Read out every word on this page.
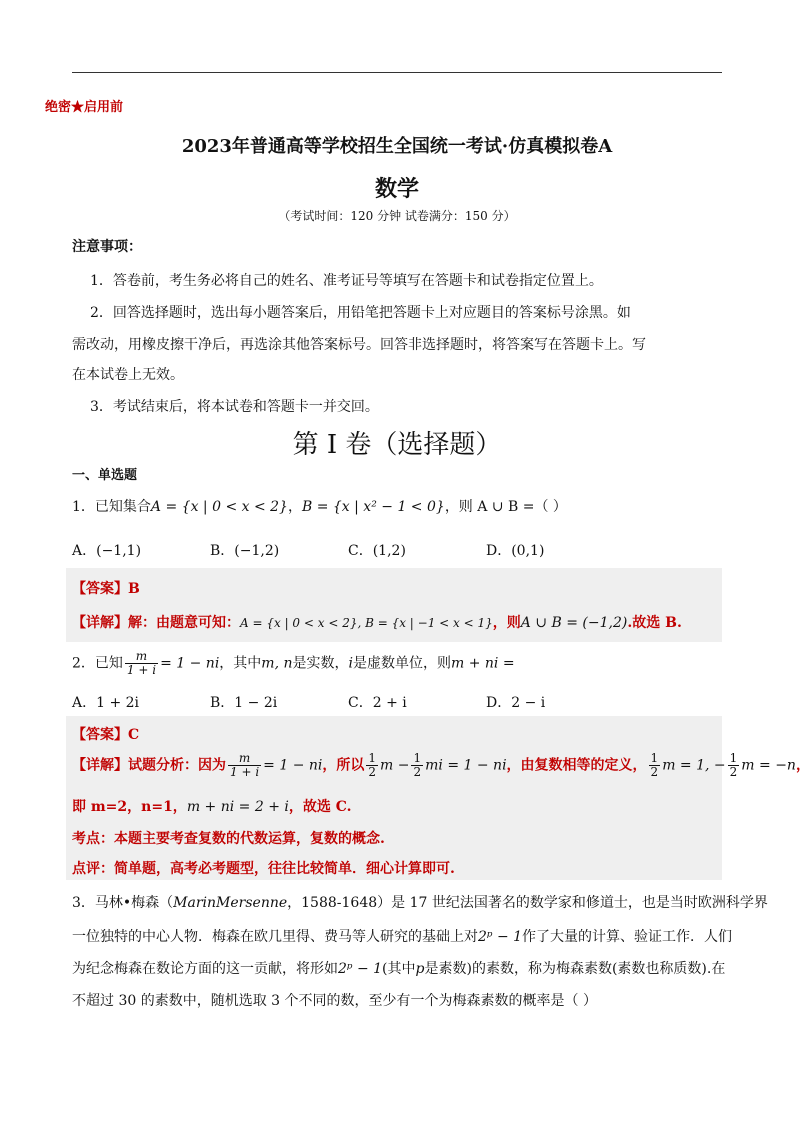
绝密★启用前
2023年普通高等学校招生全国统一考试·仿真模拟卷A
数学
（考试时间：120 分钟 试卷满分：150 分）
注意事项：
1．答卷前，考生务必将自己的姓名、准考证号等填写在答题卡和试卷指定位置上。
2．回答选择题时，选出每小题答案后，用铅笔把答题卡上对应题目的答案标号涂黑。如
需改动，用橡皮擦干净后，再选涂其他答案标号。回答非选择题时，将答案写在答题卡上。写
在本试卷上无效。
3．考试结束后，将本试卷和答题卡一并交回。
第 I 卷（选择题）
一、单选题
1．已知集合A = {x | 0 < x < 2}，B = {x | x² − 1 < 0}，则 A ∪ B =（ ）
A．(−1,1)	B．(−1,2)	C．(1,2)	D．(0,1)
【答案】B
【详解】解：由题意可知：A = {x | 0 < x < 2}, B = {x | −1 < x < 1}，则A ∪ B = (−1,2).故选 B.
2．已知 $\frac{m}{1 + i} = 1$ − ni，其中m, n是实数，i是虚数单位，则m + ni =
A．1 + 2i	B．1 − 2i	C．2 + i	D．2 − i
【答案】C
【详解】试题分析：因为 $\frac{m}{1 + i} = 1$ − ni，所以 $\frac{1}{2}$ $m - \frac{1}{2}$ mi = 1 − ni，由复数相等的定义， $\frac{1}{2}$ m = 1, − $\frac{1}{2}$ m = −n，
即 m=2，n=1，m + ni = 2 + i，故选 C.
考点：本题主要考查复数的代数运算，复数的概念.
点评：简单题，高考必考题型，往往比较简单．细心计算即可.
3．马林•梅森（MarinMersenne，1588-1648）是 17 世纪法国著名的数学家和修道士，也是当时欧洲科学界
一位独特的中心人物．梅森在欧几里得、费马等人研究的基础上对2ᵖ − 1作了大量的计算、验证工作．人们
为纪念梅森在数论方面的这一贡献，将形如2ᵖ − 1(其中p是素数)的素数，称为梅森素数(素数也称质数).在
不超过 30 的素数中，随机选取 3 个不同的数，至少有一个为梅森素数的概率是（ ）
